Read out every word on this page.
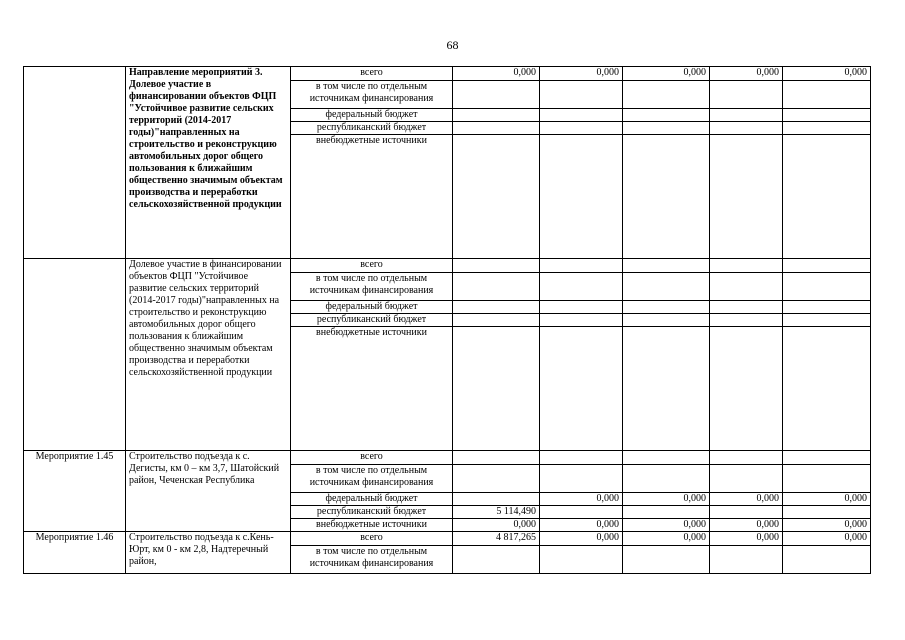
68
	Направление мероприятий 3. Долевое участие в финансировании объектов ФЦП "Устойчивое развитие сельских территорий (2014-2017 годы)"направленных на строительство и реконструкцию автомобильных дорог общего пользования к ближайшим общественно значимым объектам производства и переработки сельскохозяйственной продукции	всего	0,000	0,000	0,000	0,000	0,000
		в том числе по отдельным источникам финансирования					
		федеральный бюджет					
		республиканский бюджет					
		внебюджетные источники					
	Долевое участие в финансировании объектов ФЦП "Устойчивое развитие сельских территорий (2014-2017 годы)"направленных на строительство и реконструкцию автомобильных дорог общего пользования к ближайшим общественно значимым объектам производства и переработки сельскохозяйственной продукции	всего					
		в том числе по отдельным источникам финансирования					
		федеральный бюджет					
		республиканский бюджет					
		внебюджетные источники					
Мероприятие 1.45	Строительство подъезда к с. Дегисты, км 0 – км 3,7, Шатойский район, Чеченская Республика	всего					
		в том числе по отдельным источникам финансирования					
		федеральный бюджет		0,000	0,000	0,000	0,000
		республиканский бюджет	5 114,490				
		внебюджетные источники	0,000	0,000	0,000	0,000	0,000
Мероприятие 1.46	Строительство подъезда к с.Кень-Юрт, км 0 - км 2,8, Надтеречный район,	всего	4 817,265	0,000	0,000	0,000	0,000
		в том числе по отдельным источникам финансирования					
